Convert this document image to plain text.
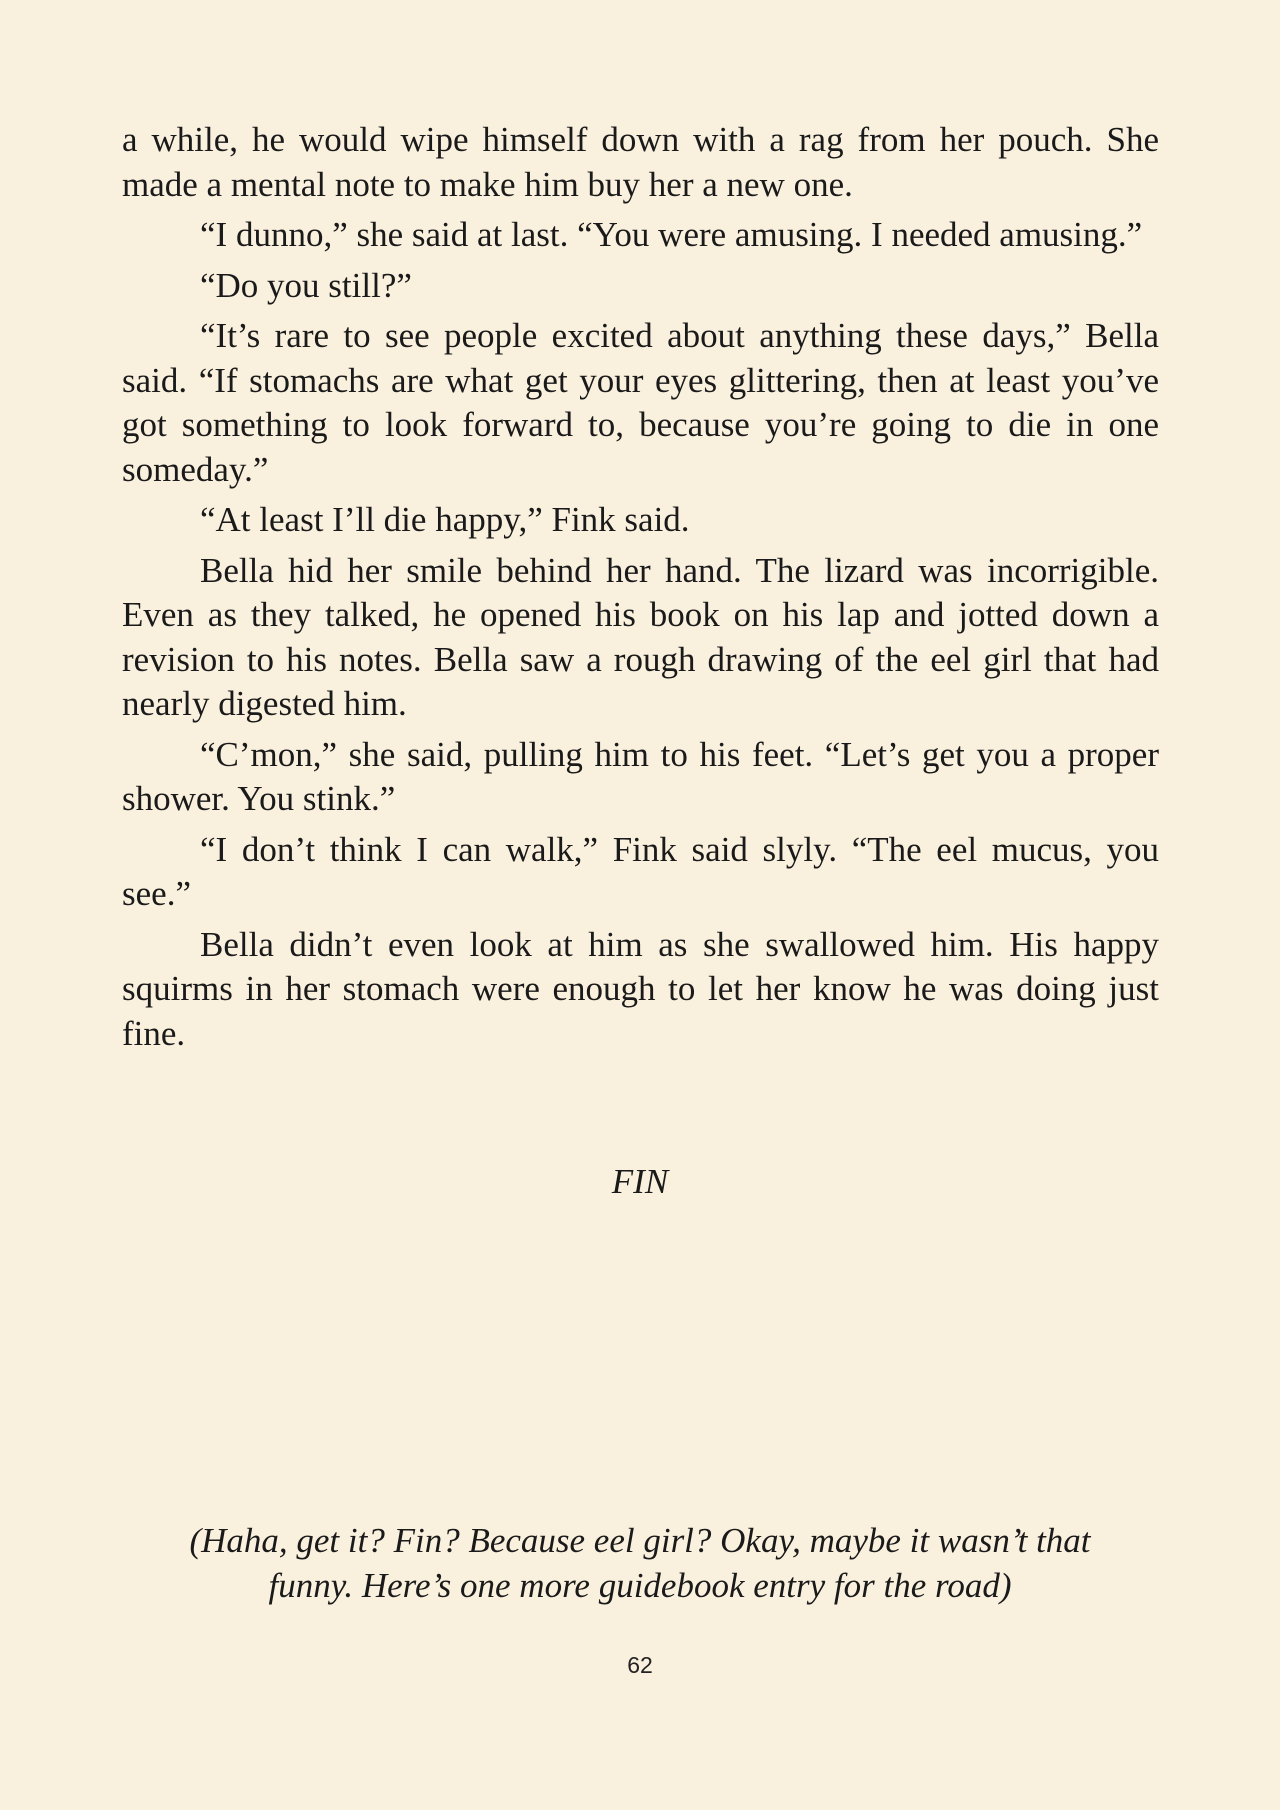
a while, he would wipe himself down with a rag from her pouch. She made a mental note to make him buy her a new one.

“I dunno,” she said at last. “You were amusing. I needed amusing.”

“Do you still?”

“It’s rare to see people excited about anything these days,” Bella said. “If stomachs are what get your eyes glittering, then at least you’ve got something to look forward to, because you’re going to die in one someday.”

“At least I’ll die happy,” Fink said.

Bella hid her smile behind her hand. The lizard was incorrigible. Even as they talked, he opened his book on his lap and jotted down a revision to his notes. Bella saw a rough drawing of the eel girl that had nearly digested him.

“C’mon,” she said, pulling him to his feet. “Let’s get you a proper shower. You stink.”

“I don’t think I can walk,” Fink said slyly. “The eel mucus, you see.”

Bella didn’t even look at him as she swallowed him. His happy squirms in her stomach were enough to let her know he was doing just fine.

FIN
(Haha, get it? Fin? Because eel girl? Okay, maybe it wasn’t that
funny. Here’s one more guidebook entry for the road)
62
